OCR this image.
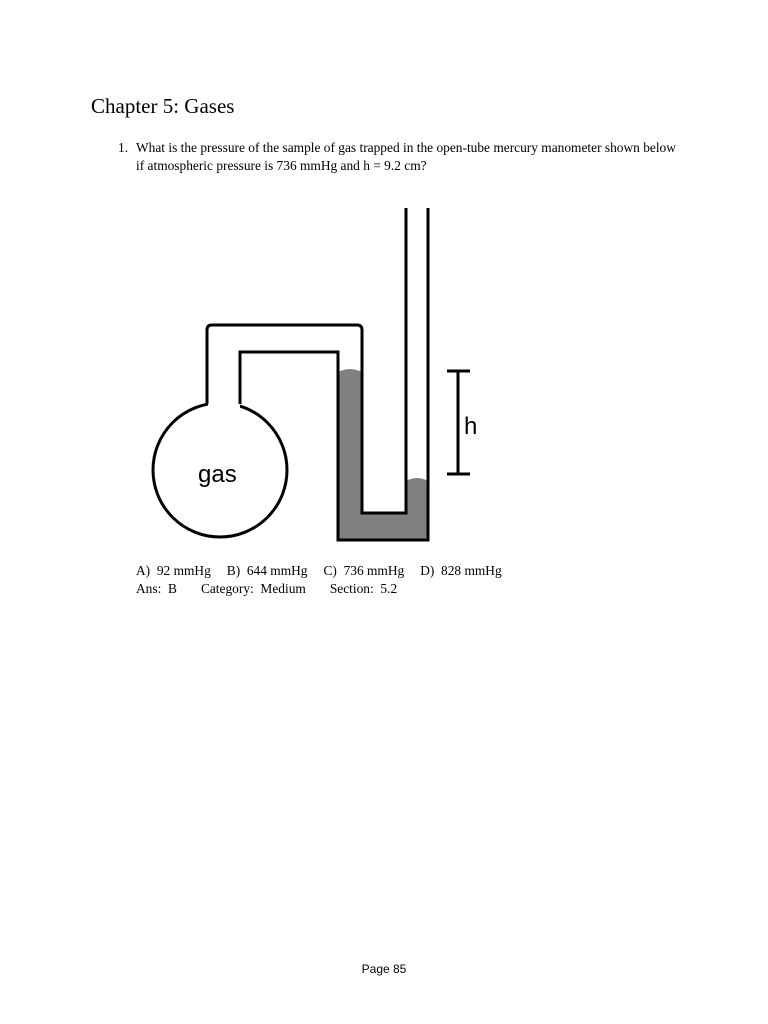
Chapter 5: Gases
1. What is the pressure of the sample of gas trapped in the open-tube mercury manometer shown below if atmospheric pressure is 736 mmHg and h = 9.2 cm?
h
gas
A)  92 mmHg B)  644 mmHg C)  736 mmHg D)  828 mmHg
Ans:  B Category:  Medium Section:  5.2
Page 85
